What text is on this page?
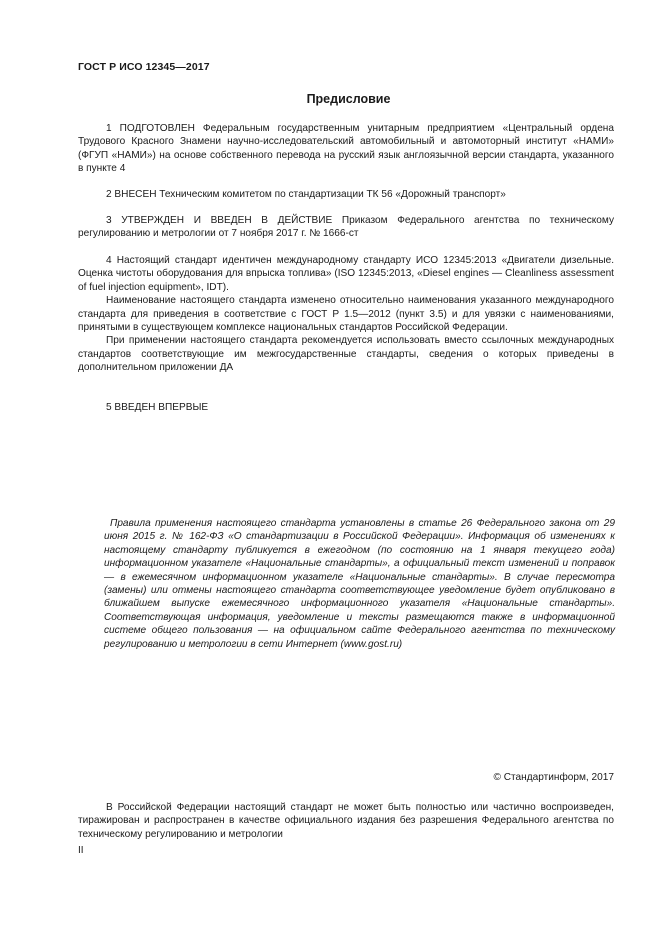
ГОСТ Р ИСО 12345—2017
Предисловие

1 ПОДГОТОВЛЕН Федеральным государственным унитарным предприятием «Центральный ордена Трудового Красного Знамени научно-исследовательский автомобильный и автомоторный институт «НАМИ» (ФГУП «НАМИ») на основе собственного перевода на русский язык англоязычной версии стандарта, указанного в пункте 4

2 ВНЕСЕН Техническим комитетом по стандартизации ТК 56 «Дорожный транспорт»

3 УТВЕРЖДЕН И ВВЕДЕН В ДЕЙСТВИЕ Приказом Федерального агентства по техническому регулированию и метрологии от 7 ноября 2017 г. № 1666-ст

4 Настоящий стандарт идентичен международному стандарту ИСО 12345:2013 «Двигатели дизельные. Оценка чистоты оборудования для впрыска топлива» (ISO 12345:2013, «Diesel engines — Cleanliness assessment of fuel injection equipment», IDT).

Наименование настоящего стандарта изменено относительно наименования указанного международного стандарта для приведения в соответствие с ГОСТ Р 1.5—2012 (пункт 3.5) и для увязки с наименованиями, принятыми в существующем комплексе национальных стандартов Российской Федерации.

При применении настоящего стандарта рекомендуется использовать вместо ссылочных международных стандартов соответствующие им межгосударственные стандарты, сведения о которых приведены в дополнительном приложении ДА

5 ВВЕДЕН ВПЕРВЫЕ

Правила применения настоящего стандарта установлены в статье 26 Федерального закона от 29 июня 2015 г. № 162-ФЗ «О стандартизации в Российской Федерации». Информация об изменениях к настоящему стандарту публикуется в ежегодном (по состоянию на 1 января текущего года) информационном указателе «Национальные стандарты», а официальный текст изменений и поправок — в ежемесячном информационном указателе «Национальные стандарты». В случае пересмотра (замены) или отмены настоящего стандарта соответствующее уведомление будет опубликовано в ближайшем выпуске ежемесячного информационного указателя «Национальные стандарты». Соответствующая информация, уведомление и тексты размещаются также в информационной системе общего пользования — на официальном сайте Федерального агентства по техническому регулированию и метрологии в сети Интернет (www.gost.ru)

© Стандартинформ, 2017

В Российской Федерации настоящий стандарт не может быть полностью или частично воспроизведен, тиражирован и распространен в качестве официального издания без разрешения Федерального агентства по техническому регулированию и метрологии

II
